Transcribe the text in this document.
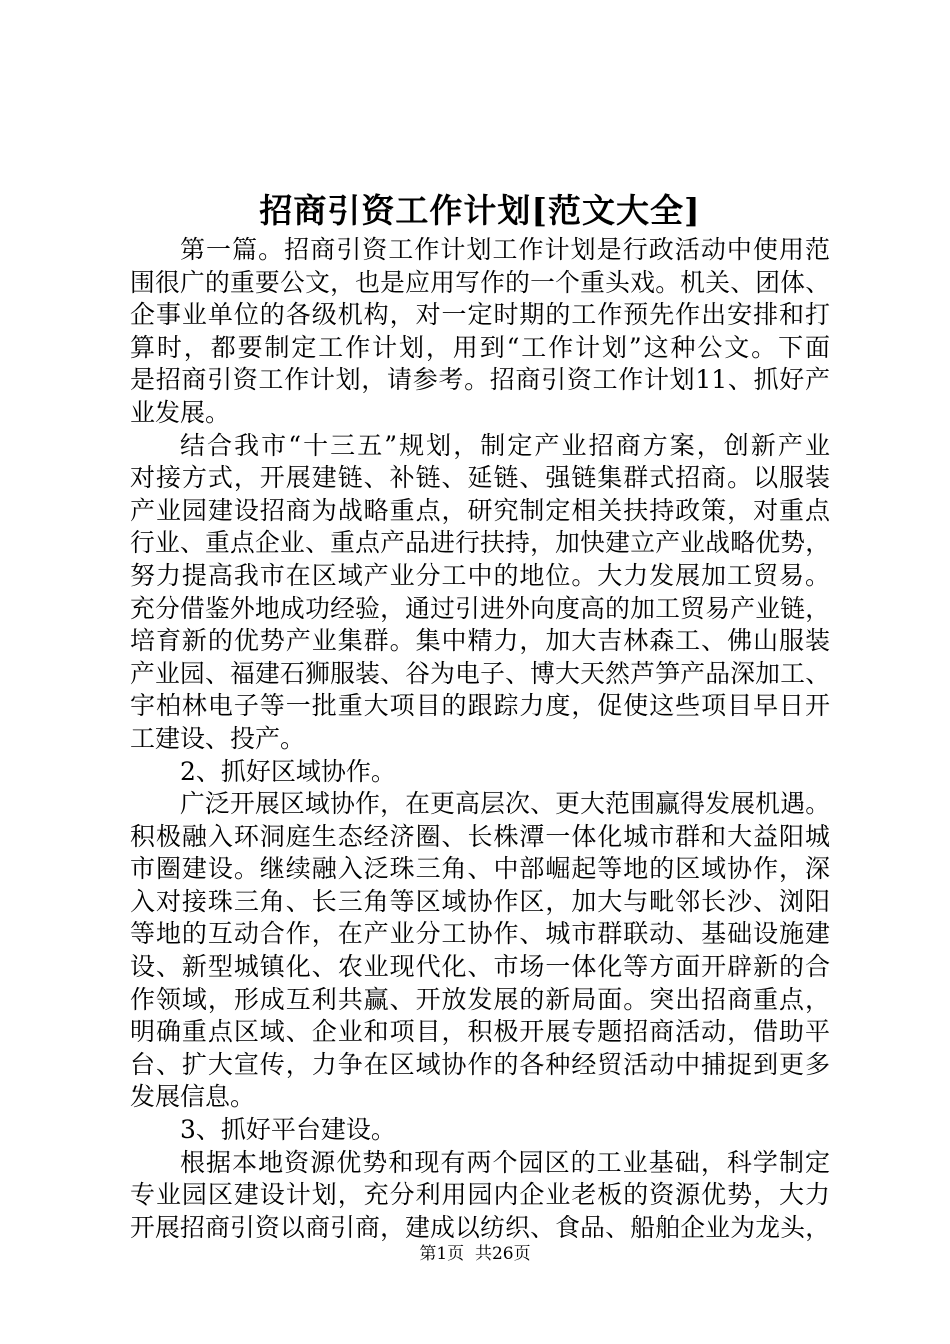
招商引资工作计划[范文大全]
第一篇。招商引资工作计划工作计划是行政活动中使用范
围很广的重要公文，也是应用写作的一个重头戏。机关、团体、
企事业单位的各级机构，对一定时期的工作预先作出安排和打
算时，都要制定工作计划，用到“工作计划”这种公文。下面
是招商引资工作计划，请参考。招商引资工作计划11、抓好产
业发展。
结合我市“十三五”规划，制定产业招商方案，创新产业
对接方式，开展建链、补链、延链、强链集群式招商。以服装
产业园建设招商为战略重点，研究制定相关扶持政策，对重点
行业、重点企业、重点产品进行扶持，加快建立产业战略优势，
努力提高我市在区域产业分工中的地位。大力发展加工贸易。
充分借鉴外地成功经验，通过引进外向度高的加工贸易产业链，
培育新的优势产业集群。集中精力，加大吉林森工、佛山服装
产业园、福建石狮服装、谷为电子、博大天然芦笋产品深加工、
宇柏林电子等一批重大项目的跟踪力度，促使这些项目早日开
工建设、投产。
2、抓好区域协作。
广泛开展区域协作，在更高层次、更大范围赢得发展机遇。
积极融入环洞庭生态经济圈、长株潭一体化城市群和大益阳城
市圈建设。继续融入泛珠三角、中部崛起等地的区域协作，深
入对接珠三角、长三角等区域协作区，加大与毗邻长沙、浏阳
等地的互动合作，在产业分工协作、城市群联动、基础设施建
设、新型城镇化、农业现代化、市场一体化等方面开辟新的合
作领域，形成互利共赢、开放发展的新局面。突出招商重点，
明确重点区域、企业和项目，积极开展专题招商活动，借助平
台、扩大宣传，力争在区域协作的各种经贸活动中捕捉到更多
发展信息。
3、抓好平台建设。
根据本地资源优势和现有两个园区的工业基础，科学制定
专业园区建设计划，充分利用园内企业老板的资源优势，大力
开展招商引资以商引商，建成以纺织、食品、船舶企业为龙头，
第1页  共26页
